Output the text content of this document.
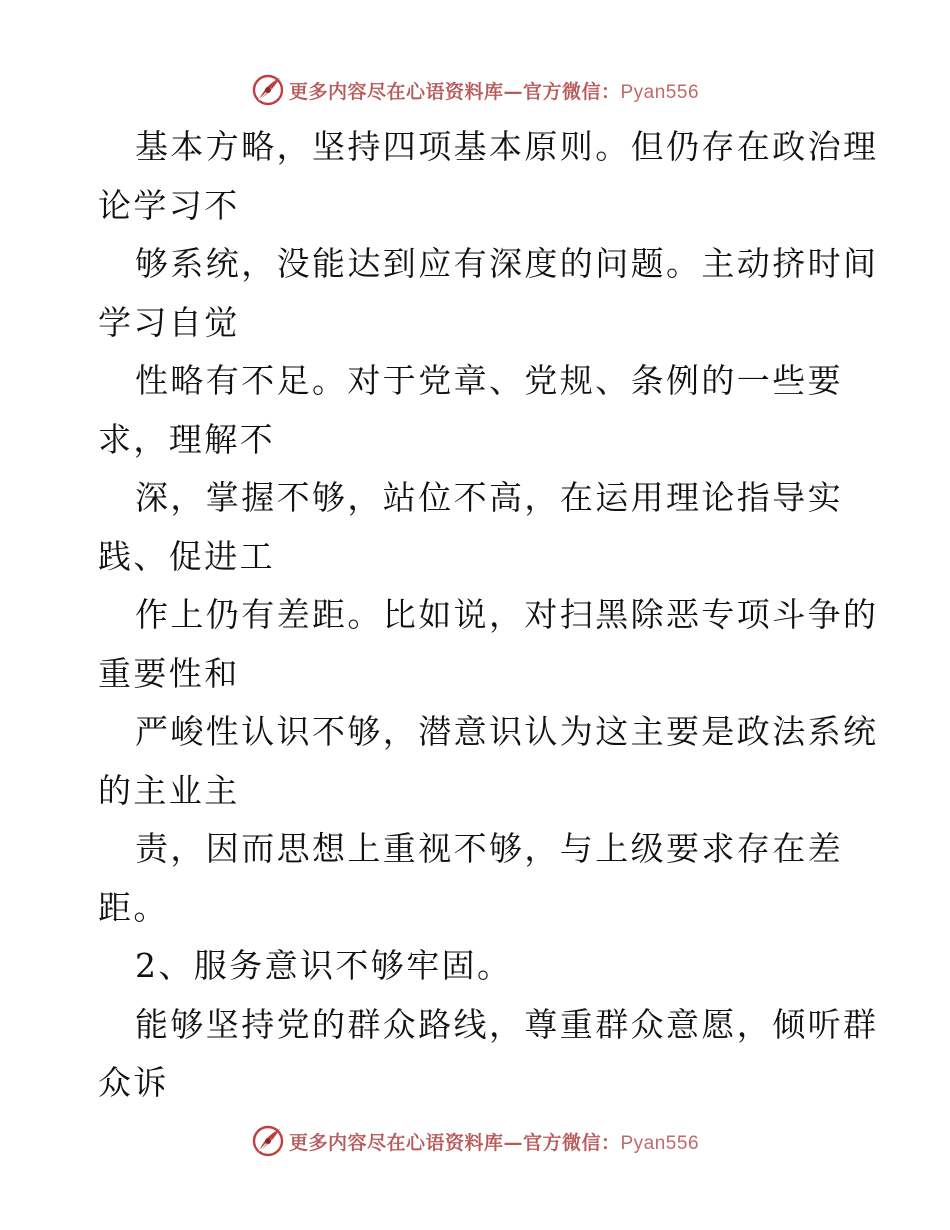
更多内容尽在心语资料库—官方微信：Pyan556
基本方略，坚持四项基本原则。但仍存在政治理
论学习不
够系统，没能达到应有深度的问题。主动挤时间
学习自觉
性略有不足。对于党章、党规、条例的一些要
求，理解不
深，掌握不够，站位不高，在运用理论指导实
践、促进工
作上仍有差距。比如说，对扫黑除恶专项斗争的
重要性和
严峻性认识不够，潜意识认为这主要是政法系统
的主业主
责，因而思想上重视不够，与上级要求存在差
距。
2、服务意识不够牢固。
能够坚持党的群众路线，尊重群众意愿，倾听群
众诉
更多内容尽在心语资料库—官方微信：Pyan556
